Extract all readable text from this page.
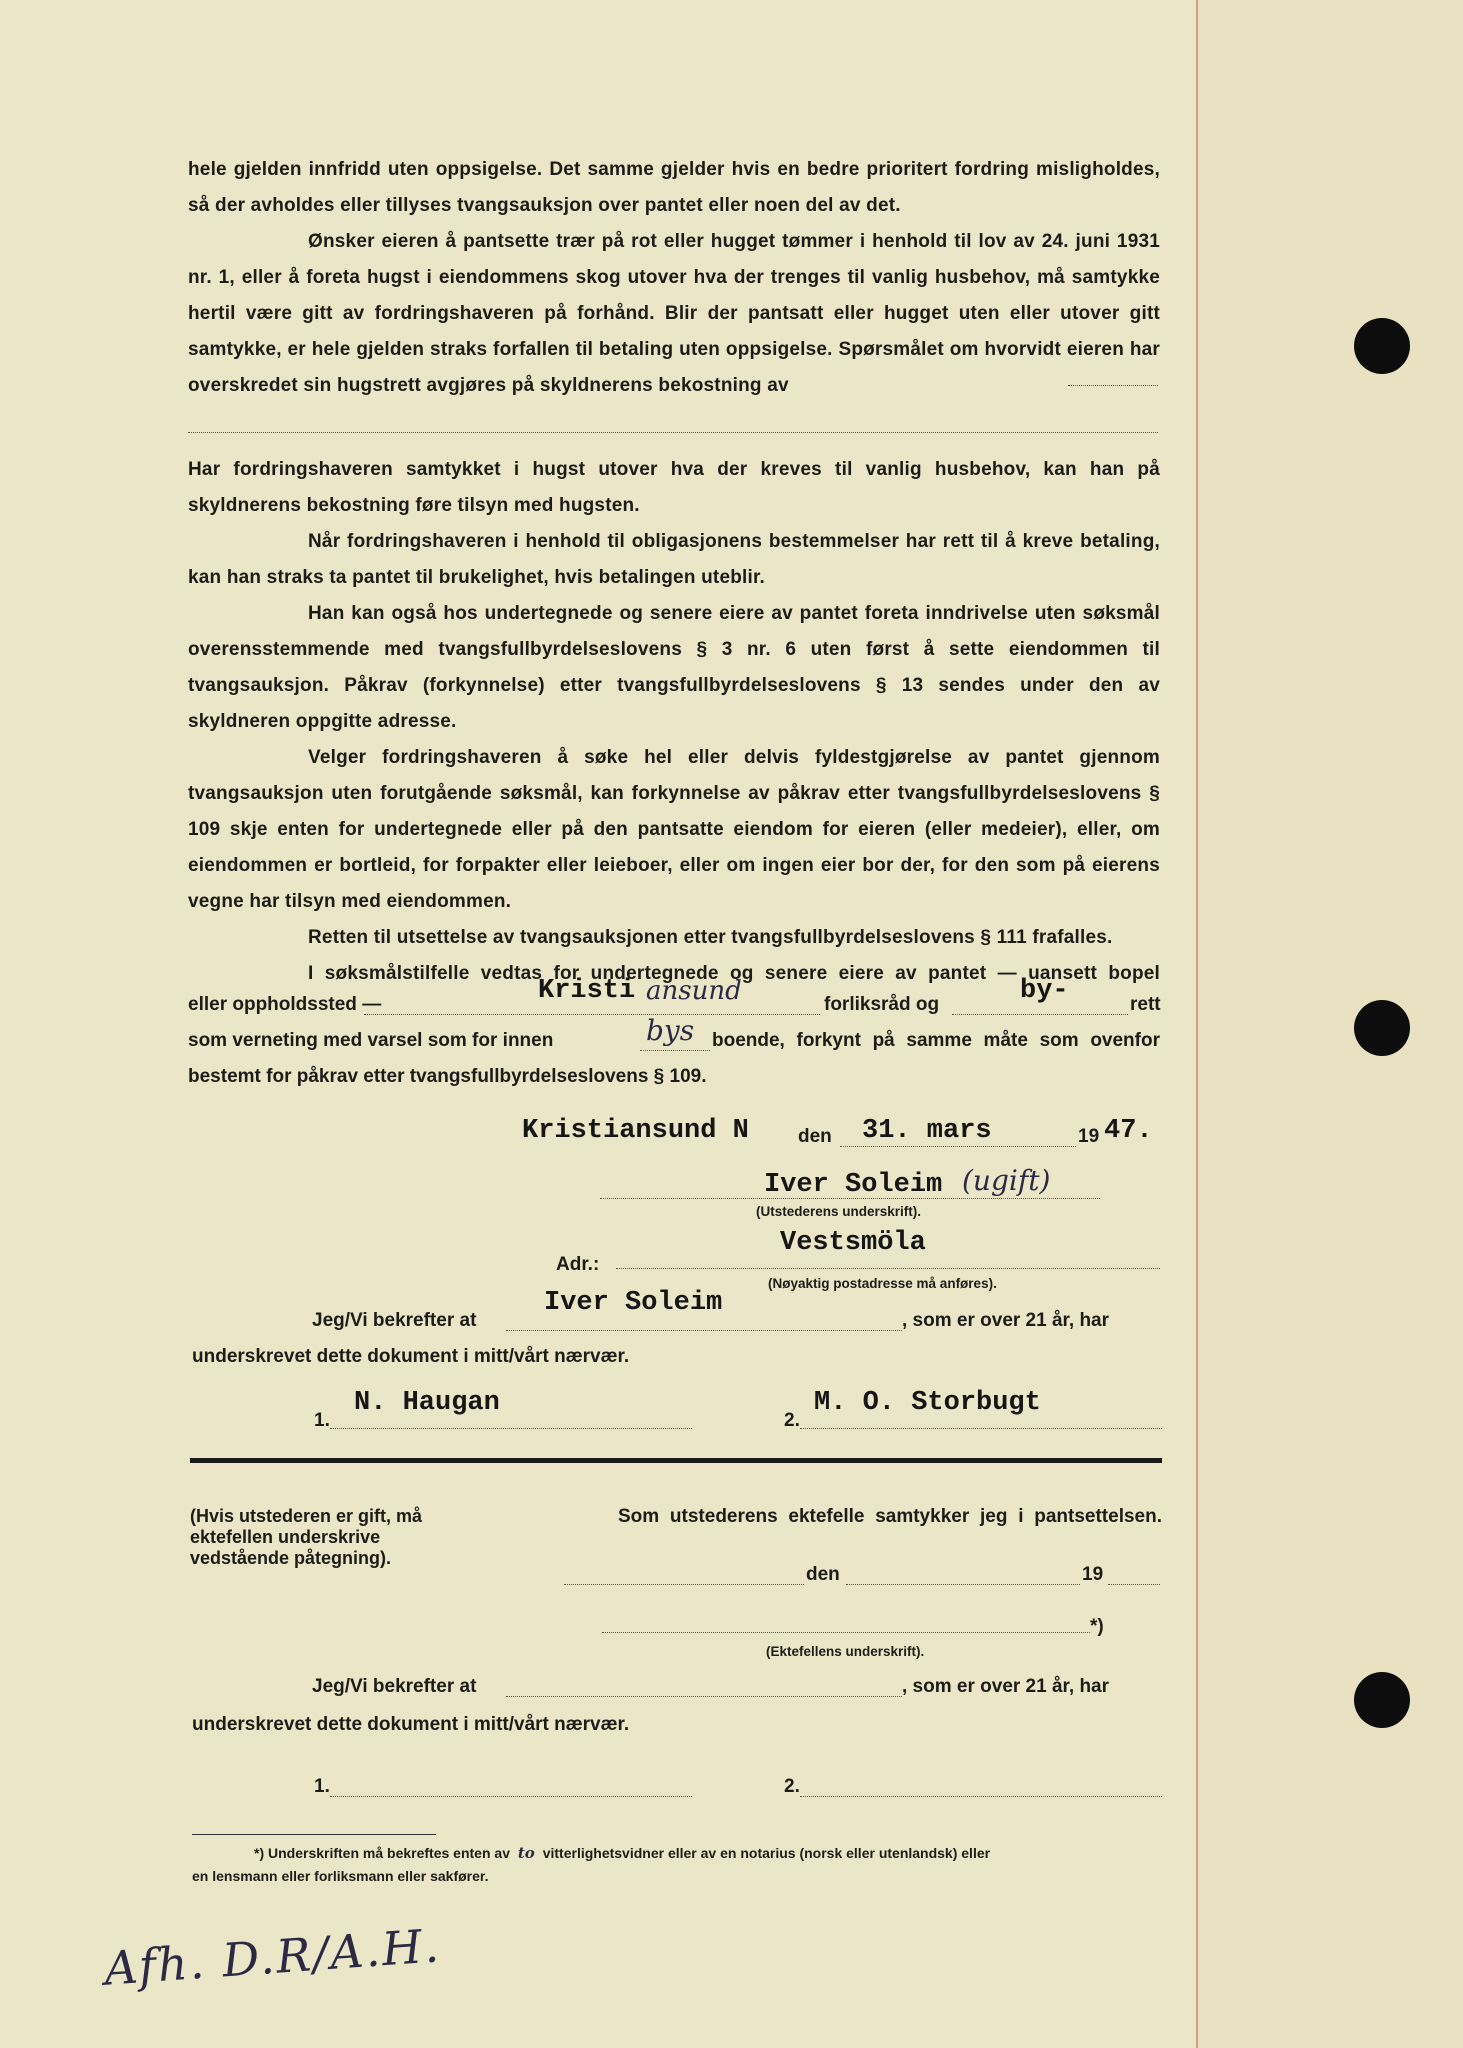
hele gjelden innfridd uten oppsigelse. Det samme gjelder hvis en bedre prioritert fordring misligholdes, så der avholdes eller tillyses tvangsauksjon over pantet eller noen del av det.

Ønsker eieren å pantsette trær på rot eller hugget tømmer i henhold til lov av 24. juni 1931 nr. 1, eller å foreta hugst i eiendommens skog utover hva der trenges til vanlig husbehov, må samtykke hertil være gitt av fordringshaveren på forhånd. Blir der pantsatt eller hugget uten eller utover gitt samtykke, er hele gjelden straks forfallen til betaling uten oppsigelse. Spørsmålet om hvorvidt eieren har overskredet sin hugstrett avgjøres på skyldnerens bekostning av

Har fordringshaveren samtykket i hugst utover hva der kreves til vanlig husbehov, kan han på skyldnerens bekostning føre tilsyn med hugsten.

Når fordringshaveren i henhold til obligasjonens bestemmelser har rett til å kreve betaling, kan han straks ta pantet til brukelighet, hvis betalingen uteblir.

Han kan også hos undertegnede og senere eiere av pantet foreta inndrivelse uten søksmål overensstemmende med tvangsfullbyrdelseslovens § 3 nr. 6 uten først å sette eiendommen til tvangsauksjon. Påkrav (forkynnelse) etter tvangsfullbyrdelseslovens § 13 sendes under den av skyldneren oppgitte adresse.

Velger fordringshaveren å søke hel eller delvis fyldestgjørelse av pantet gjennom tvangsauksjon uten forutgående søksmål, kan forkynnelse av påkrav etter tvangsfullbyrdelseslovens § 109 skje enten for undertegnede eller på den pantsatte eiendom for eieren (eller medeier), eller, om eiendommen er bortleid, for forpakter eller leieboer, eller om ingen eier bor der, for den som på eierens vegne har tilsyn med eiendommen.

Retten til utsettelse av tvangsauksjonen etter tvangsfullbyrdelseslovens § 111 frafalles.

I søksmålstilfelle vedtas for undertegnede og senere eiere av pantet — uansett bopel

eller oppholdssted —	Kristi ansund	forliksråd og	by-	rett
som verneting med varsel som for innen	bys boende, forkynt på samme måte som ovenfor
bestemt for påkrav etter tvangsfullbyrdelseslovens § 109.
Kristiansund N	den 31. mars	19 47.
Iver Soleim (ugift)
(Utstederens underskrift).
Adr.:
Vestsmöla
(Nøyaktig postadresse må anføres).
Jeg/Vi bekrefter at
Iver Soleim
, som er over 21 år, har
underskrevet dette dokument i mitt/vårt nærvær.
1.
N. Haugan
2.
M. O. Storbugt
(Hvis utstederen er gift, må ektefellen underskrive vedstående påtegning).
Som utstederens ektefelle samtykker jeg i pantsettelsen.
den	19
*)
(Ektefellens underskrift).
Jeg/Vi bekrefter at	, som er over 21 år, har
underskrevet dette dokument i mitt/vårt nærvær.
1.	2.
*) Underskriften må bekreftes enten av to vitterlighetsvidner eller av en notarius (norsk eller utenlandsk) eller
en lensmann eller forliksmann eller sakfører.
Afh. D.R/A.H.
